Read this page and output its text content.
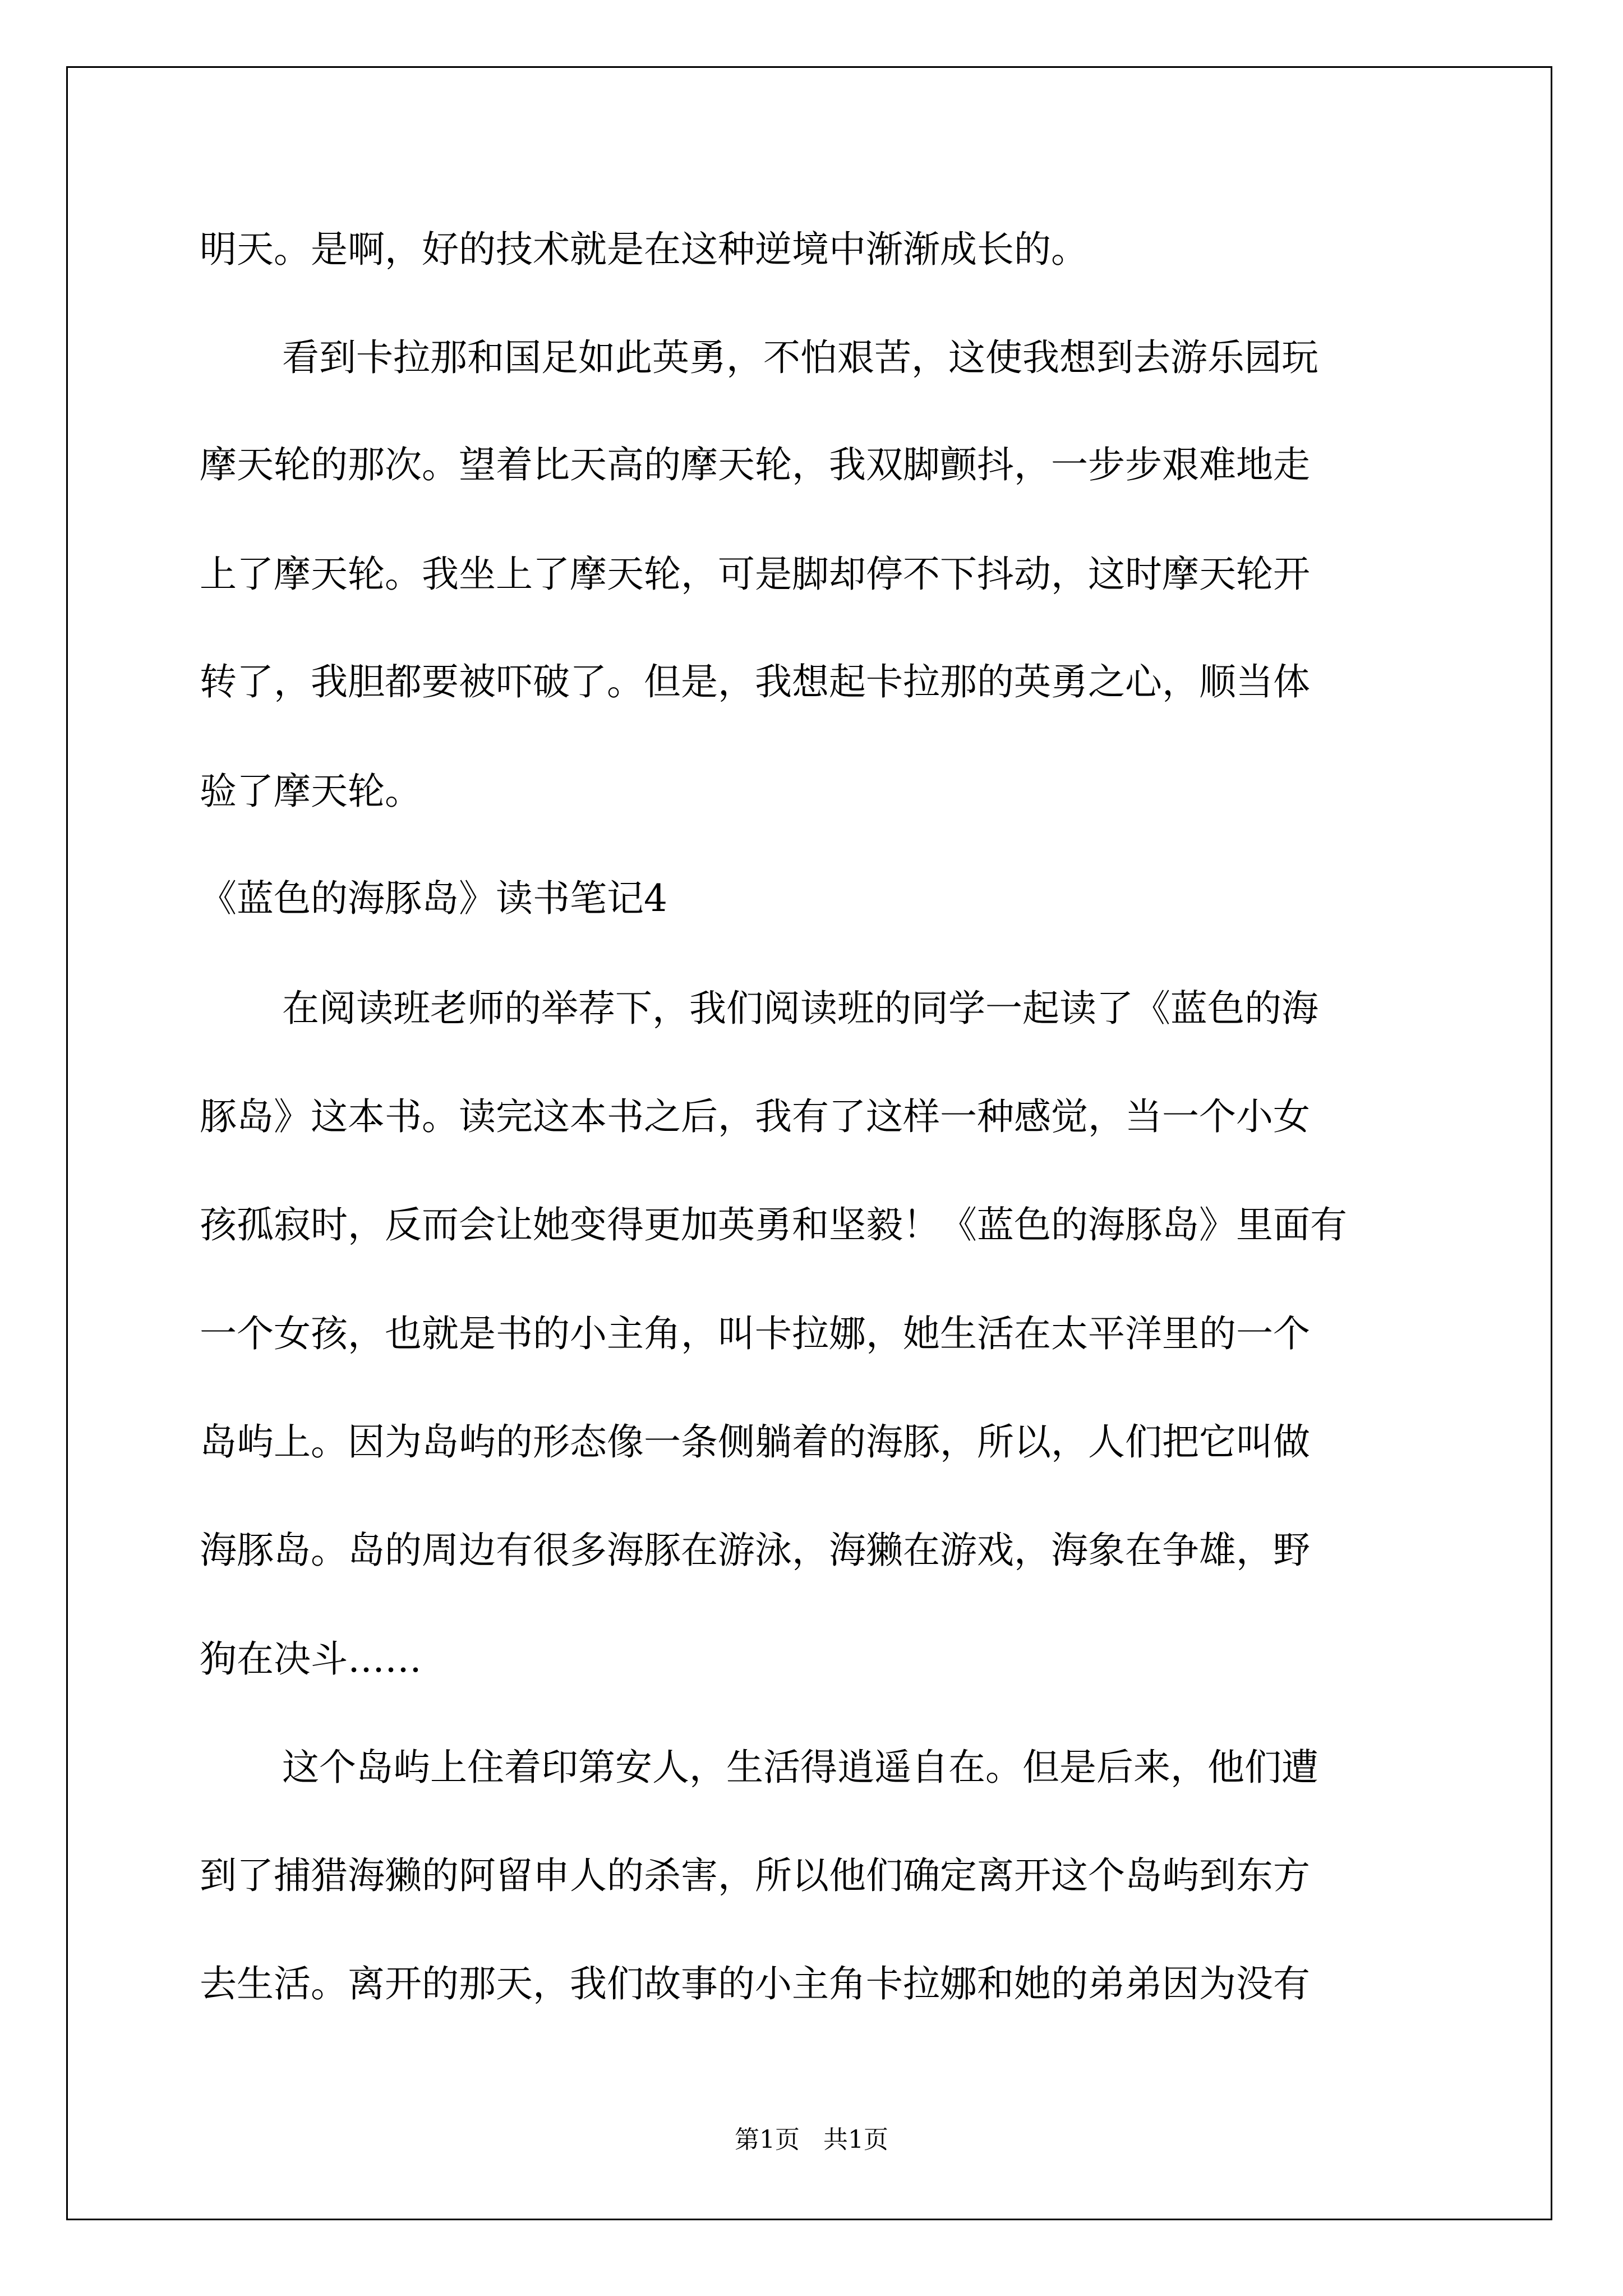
明天。是啊，好的技术就是在这种逆境中渐渐成长的。

看到卡拉那和国足如此英勇，不怕艰苦，这使我想到去游乐园玩

摩天轮的那次。望着比天高的摩天轮，我双脚颤抖，一步步艰难地走

上了摩天轮。我坐上了摩天轮，可是脚却停不下抖动，这时摩天轮开

转了，我胆都要被吓破了。但是，我想起卡拉那的英勇之心，顺当体

验了摩天轮。

《蓝色的海豚岛》读书笔记4

在阅读班老师的举荐下，我们阅读班的同学一起读了《蓝色的海

豚岛》这本书。读完这本书之后，我有了这样一种感觉，当一个小女

孩孤寂时，反而会让她变得更加英勇和坚毅！《蓝色的海豚岛》里面有

一个女孩，也就是书的小主角，叫卡拉娜，她生活在太平洋里的一个

岛屿上。因为岛屿的形态像一条侧躺着的海豚，所以，人们把它叫做

海豚岛。岛的周边有很多海豚在游泳，海獭在游戏，海象在争雄，野

狗在决斗……

这个岛屿上住着印第安人，生活得逍遥自在。但是后来，他们遭

到了捕猎海獭的阿留申人的杀害，所以他们确定离开这个岛屿到东方

去生活。离开的那天，我们故事的小主角卡拉娜和她的弟弟因为没有

第1页   共1页
